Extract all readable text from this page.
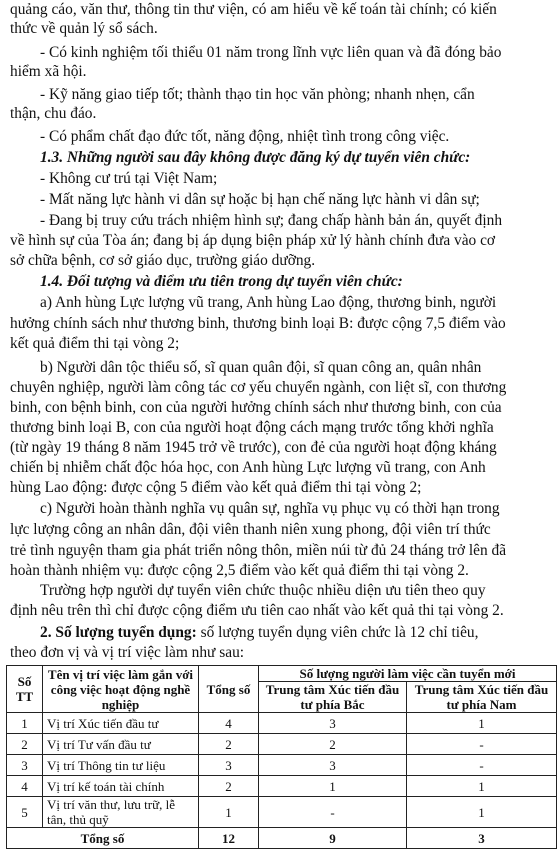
quảng cáo, văn thư, thông tin thư viện, có am hiểu về kế toán tài chính; có kiến
thức về quản lý sổ sách.
- Có kinh nghiệm tối thiểu 01 năm trong lĩnh vực liên quan và đã đóng bảo
hiểm xã hội.
- Kỹ năng giao tiếp tốt; thành thạo tin học văn phòng; nhanh nhẹn, cẩn
thận, chu đáo.
- Có phẩm chất đạo đức tốt, năng động, nhiệt tình trong công việc.
1.3. Những người sau đây không được đăng ký dự tuyển viên chức:
- Không cư trú tại Việt Nam;
- Mất năng lực hành vi dân sự hoặc bị hạn chế năng lực hành vi dân sự;
- Đang bị truy cứu trách nhiệm hình sự; đang chấp hành bản án, quyết định
về hình sự của Tòa án; đang bị áp dụng biện pháp xử lý hành chính đưa vào cơ
sở chữa bệnh, cơ sở giáo dục, trường giáo dưỡng.
1.4. Đối tượng và điểm ưu tiên trong dự tuyển viên chức:
a) Anh hùng Lực lượng vũ trang, Anh hùng Lao động, thương binh, người
hưởng chính sách như thương binh, thương binh loại B: được cộng 7,5 điểm vào
kết quả điểm thi tại vòng 2;
b) Người dân tộc thiểu số, sĩ quan quân đội, sĩ quan công an, quân nhân
chuyên nghiệp, người làm công tác cơ yếu chuyển ngành, con liệt sĩ, con thương
binh, con bệnh binh, con của người hưởng chính sách như thương binh, con của
thương binh loại B, con của người hoạt động cách mạng trước tổng khởi nghĩa
(từ ngày 19 tháng 8 năm 1945 trở về trước), con đẻ của người hoạt động kháng
chiến bị nhiễm chất độc hóa học, con Anh hùng Lực lượng vũ trang, con Anh
hùng Lao động: được cộng 5 điểm vào kết quả điểm thi tại vòng 2;
c) Người hoàn thành nghĩa vụ quân sự, nghĩa vụ phục vụ có thời hạn trong
lực lượng công an nhân dân, đội viên thanh niên xung phong, đội viên trí thức
trẻ tình nguyện tham gia phát triển nông thôn, miền núi từ đủ 24 tháng trở lên đã
hoàn thành nhiệm vụ: được cộng 2,5 điểm vào kết quả điểm thi tại vòng 2.
Trường hợp người dự tuyển viên chức thuộc nhiều diện ưu tiên theo quy
định nêu trên thì chỉ được cộng điểm ưu tiên cao nhất vào kết quả thi tại vòng 2.
Số TT	Tên vị trí việc làm gắn với công việc hoạt động nghề nghiệp	Tổng số	Số lượng người làm việc cần tuyển mới	
			Trung tâm Xúc tiến đầu tư phía Bắc	Trung tâm Xúc tiến đầu tư phía Nam
1	Vị trí Xúc tiến đầu tư	4	3	1
2	Vị trí Tư vấn đầu tư	2	2	-
3	Vị trí Thông tin tư liệu	3	3	-
4	Vị trí kế toán tài chính	2	1	1
5	Vị trí văn thư, lưu trữ, lễ tân, thủ quỹ	1	-	1
Tổng số		12	9	3
2. Số lượng tuyển dụng: số lượng tuyển dụng viên chức là 12 chỉ tiêu,
theo đơn vị và vị trí việc làm như sau:
